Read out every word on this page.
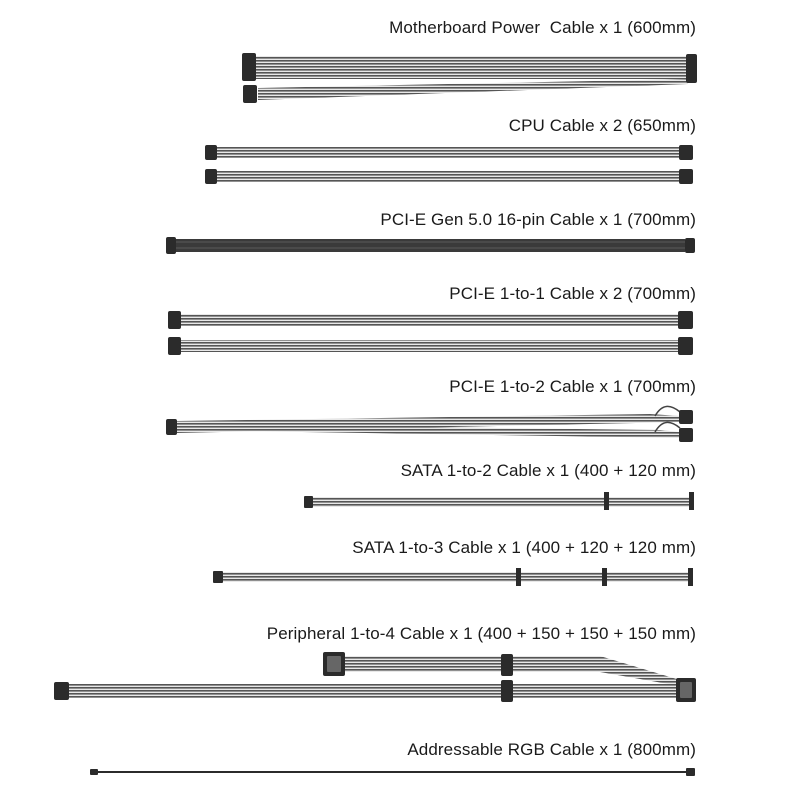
Motherboard Power  Cable x 1 (600mm)
CPU Cable x 2 (650mm)
PCI-E Gen 5.0 16-pin Cable x 1 (700mm)
PCI-E 1-to-1 Cable x 2 (700mm)
PCI-E 1-to-2 Cable x 1 (700mm)
SATA 1-to-2 Cable x 1 (400 + 120 mm)
SATA 1-to-3 Cable x 1 (400 + 120 + 120 mm)
Peripheral 1-to-4 Cable x 1 (400 + 150 + 150 + 150 mm)
Addressable RGB Cable x 1 (800mm)
